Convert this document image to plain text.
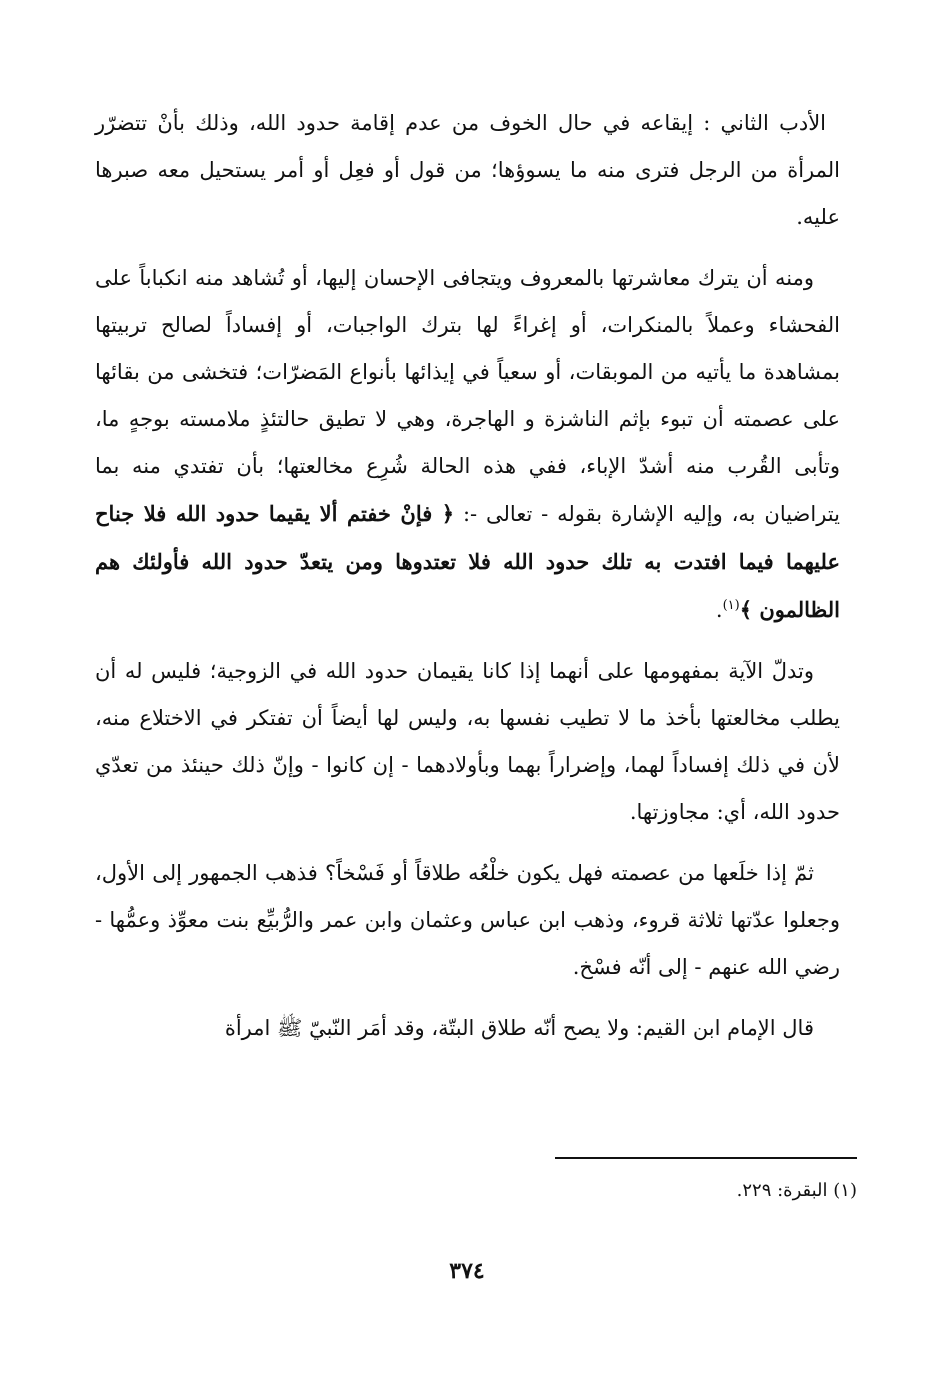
الأدب الثاني : إيقاعه في حال الخوف من عدم إقامة حدود الله، وذلك بأنْ تتضرّر المرأة من الرجل فترى منه ما يسوؤها؛ من قول أو فعِل أو أمر يستحيل معه صبرها عليه.

ومنه أن يترك معاشرتها بالمعروف ويتجافى الإحسان إليها، أو تُشاهد منه انكباباً على الفحشاء وعملاً بالمنكرات، أو إغراءً لها بترك الواجبات، أو إفساداً لصالح تربيتها بمشاهدة ما يأتيه من الموبقات، أو سعياً في إيذائها بأنواع المَضرّات؛ فتخشى من بقائها على عصمته أن تبوء بإثم الناشزة و الهاجرة، وهي لا تطيق حالتئذٍ ملامسته بوجهٍ ما، وتأبى القُرب منه أشدّ الإباء، ففي هذه الحالة شُرِع مخالعتها؛ بأن تفتدي منه بما يتراضيان به، وإليه الإشارة بقوله - تعالى -: ﴿ فإنْ خفتم ألا يقيما حدود الله فلا جناح عليهما فيما افتدت به تلك حدود الله فلا تعتدوها ومن يتعدّ حدود الله فأولئك هم الظالمون ﴾$^{(١)}$.

وتدلّ الآية بمفهومها على أنهما إذا كانا يقيمان حدود الله في الزوجية؛ فليس له أن يطلب مخالعتها بأخذ ما لا تطيب نفسها به، وليس لها أيضاً أن تفتكر في الاختلاع منه، لأن في ذلك إفساداً لهما، وإضراراً بهما وبأولادهما - إن كانوا - وإنّ ذلك حينئذ من تعدّي حدود الله، أي: مجاوزتها.

ثمّ إذا خلَعها من عصمته فهل يكون خلْعُه طلاقاً أو فَسْخاً؟ فذهب الجمهور إلى الأول، وجعلوا عدّتها ثلاثة قروء، وذهب ابن عباس وعثمان وابن عمر والرُّبيِّع بنت معوِّذ وعمُّها - رضي الله عنهم - إلى أنّه فسْخ.

قال الإمام ابن القيم: ولا يصح أنّه طلاق البتّة، وقد أمَر النّبيّ ﷺ امرأة

(١) البقرة: ٢٢٩.
٣٧٤
